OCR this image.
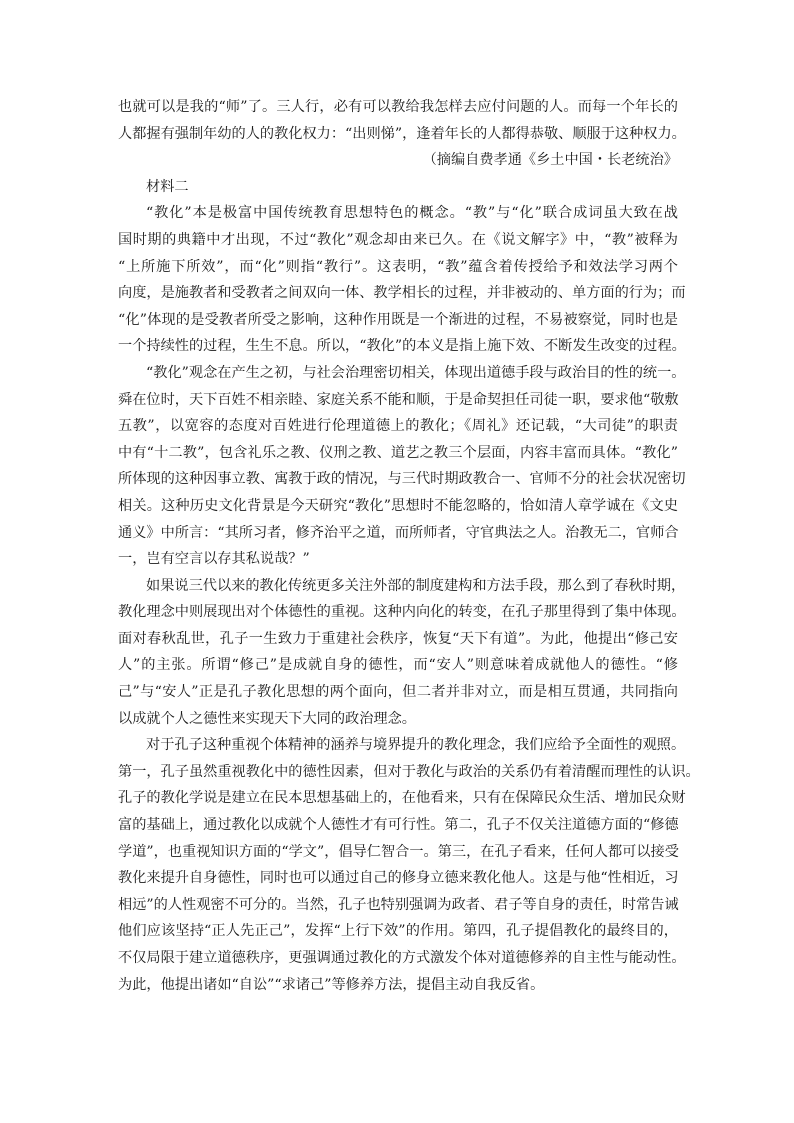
也就可以是我的“师”了。三人行，必有可以教给我怎样去应付问题的人。而每一个年长的
人都握有强制年幼的人的教化权力：“出则悌”，逢着年长的人都得恭敬、顺服于这种权力。
（摘编自费孝通《乡土中国・长老统治》
材料二
“教化”本是极富中国传统教育思想特色的概念。“教”与“化”联合成词虽大致在战
国时期的典籍中才出现，不过“教化”观念却由来已久。在《说文解字》中，“教”被释为
“上所施下所效”，而“化”则指“教行”。这表明，“教”蕴含着传授给予和效法学习两个
向度，是施教者和受教者之间双向一体、教学相长的过程，并非被动的、单方面的行为；而
“化”体现的是受教者所受之影响，这种作用既是一个渐进的过程，不易被察觉，同时也是
一个持续性的过程，生生不息。所以，“教化”的本义是指上施下效、不断发生改变的过程。
“教化”观念在产生之初，与社会治理密切相关，体现出道德手段与政治目的性的统一。
舜在位时，天下百姓不相亲睦、家庭关系不能和顺，于是命契担任司徒一职，要求他“敬敷
五教”，以宽容的态度对百姓进行伦理道德上的教化；《周礼》还记载，“大司徒”的职责
中有“十二教”，包含礼乐之教、仪刑之教、道艺之教三个层面，内容丰富而具体。“教化”
所体现的这种因事立教、寓教于政的情况，与三代时期政教合一、官师不分的社会状况密切
相关。这种历史文化背景是今天研究“教化”思想时不能忽略的，恰如清人章学诚在《文史
通义》中所言：“其所习者，修齐治平之道，而所师者，守官典法之人。治教无二，官师合
一，岂有空言以存其私说哉？”
如果说三代以来的教化传统更多关注外部的制度建构和方法手段，那么到了春秋时期，
教化理念中则展现出对个体德性的重视。这种内向化的转变，在孔子那里得到了集中体现。
面对春秋乱世，孔子一生致力于重建社会秩序，恢复“天下有道”。为此，他提出“修己安
人”的主张。所谓“修己”是成就自身的德性，而“安人”则意味着成就他人的德性。“修
己”与“安人”正是孔子教化思想的两个面向，但二者并非对立，而是相互贯通，共同指向
以成就个人之德性来实现天下大同的政治理念。
对于孔子这种重视个体精神的涵养与境界提升的教化理念，我们应给予全面性的观照。
第一，孔子虽然重视教化中的德性因素，但对于教化与政治的关系仍有着清醒而理性的认识。
孔子的教化学说是建立在民本思想基础上的，在他看来，只有在保障民众生活、增加民众财
富的基础上，通过教化以成就个人德性才有可行性。第二，孔子不仅关注道德方面的“修德
学道”，也重视知识方面的“学文”，倡导仁智合一。第三，在孔子看来，任何人都可以接受
教化来提升自身德性，同时也可以通过自己的修身立德来教化他人。这是与他“性相近，习
相远”的人性观密不可分的。当然，孔子也特别强调为政者、君子等自身的责任，时常告诫
他们应该坚持“正人先正己”，发挥“上行下效”的作用。第四，孔子提倡教化的最终目的，
不仅局限于建立道德秩序，更强调通过教化的方式激发个体对道德修养的自主性与能动性。
为此，他提出诸如“自讼”“求诸己”等修养方法，提倡主动自我反省。
